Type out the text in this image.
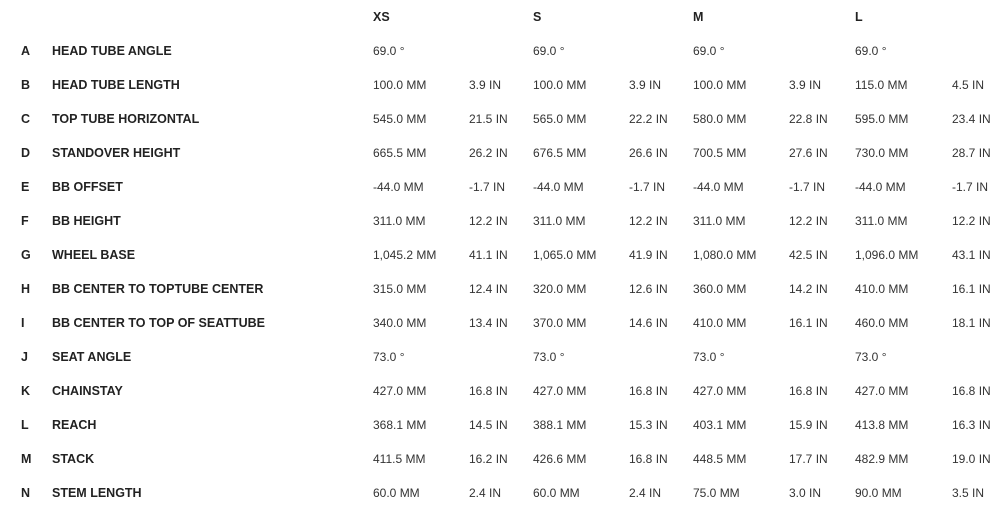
XS	S	M	L
A HEAD TUBE ANGLE	69.0 °	69.0 °	69.0 °	69.0 °
B HEAD TUBE LENGTH	100.0 MM	3.9 IN	100.0 MM	3.9 IN	100.0 MM	3.9 IN	115.0 MM	4.5 IN
C TOP TUBE HORIZONTAL	545.0 MM	21.5 IN 565.0 MM	22.2 IN 580.0 MM	22.8 IN 595.0 MM	23.4 IN
D STANDOVER HEIGHT	665.5 MM	26.2 IN 676.5 MM	26.6 IN 700.5 MM	27.6 IN 730.0 MM	28.7 IN
E BB OFFSET	-44.0 MM	-1.7 IN -44.0 MM	-1.7 IN -44.0 MM	-1.7 IN -44.0 MM	-1.7 IN
F BB HEIGHT	311.0 MM	12.2 IN 311.0 MM	12.2 IN 311.0 MM	12.2 IN 311.0 MM	12.2 IN
G WHEEL BASE	1,045.2 MM	41.1 IN 1,065.0 MM	41.9 IN 1,080.0 MM	42.5 IN 1,096.0 MM	43.1 IN
H BB CENTER TO TOPTUBE CENTER	315.0 MM	12.4 IN 320.0 MM	12.6 IN 360.0 MM	14.2 IN 410.0 MM	16.1 IN
I BB CENTER TO TOP OF SEATTUBE	340.0 MM	13.4 IN 370.0 MM	14.6 IN 410.0 MM	16.1 IN 460.0 MM	18.1 IN
J SEAT ANGLE	73.0 °	73.0 °	73.0 °	73.0 °
K CHAINSTAY	427.0 MM	16.8 IN 427.0 MM	16.8 IN 427.0 MM	16.8 IN 427.0 MM	16.8 IN
L REACH	368.1 MM	14.5 IN 388.1 MM	15.3 IN 403.1 MM	15.9 IN 413.8 MM	16.3 IN
M STACK	411.5 MM	16.2 IN 426.6 MM	16.8 IN 448.5 MM	17.7 IN 482.9 MM	19.0 IN
N STEM LENGTH	60.0 MM	2.4 IN	60.0 MM	2.4 IN	75.0 MM	3.0 IN	90.0 MM	3.5 IN
